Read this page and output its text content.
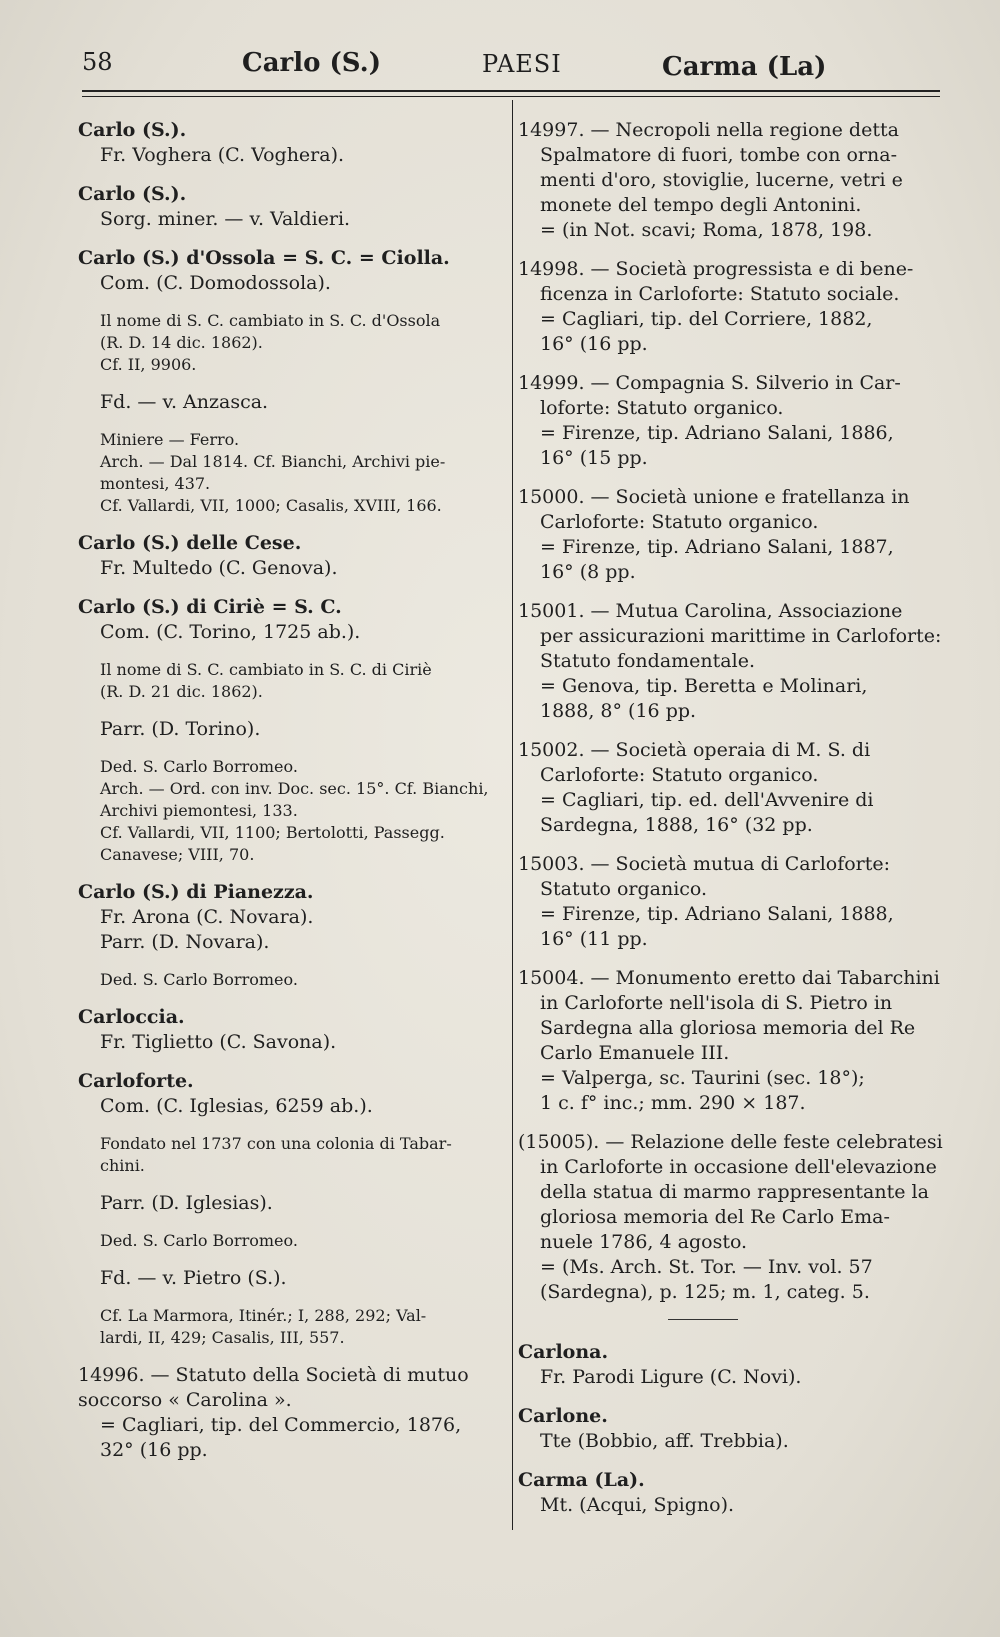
58	Carlo (S.)	PAESI	Carma (La)
Carlo (S.).
Fr. Voghera (C. Voghera).
Carlo (S.).
Sorg. miner. — v. Valdieri.
Carlo (S.) d'Ossola = S. C. = Ciolla.
Com. (C. Domodossola).
Il nome di S. C. cambiato in S. C. d'Ossola
(R. D. 14 dic. 1862).
Cf. II, 9906.
Fd. — v. Anzasca.
Miniere — Ferro.
Arch. — Dal 1814. Cf. Bianchi, Archivi pie-
montesi, 437.
Cf. Vallardi, VII, 1000; Casalis, XVIII, 166.
Carlo (S.) delle Cese.
Fr. Multedo (C. Genova).
Carlo (S.) di Ciriè = S. C.
Com. (C. Torino, 1725 ab.).
Il nome di S. C. cambiato in S. C. di Ciriè
(R. D. 21 dic. 1862).
Parr. (D. Torino).
Ded. S. Carlo Borromeo.
Arch. — Ord. con inv. Doc. sec. 15°. Cf. Bianchi,
Archivi piemontesi, 133.
Cf. Vallardi, VII, 1100; Bertolotti, Passegg.
Canavese; VIII, 70.
Carlo (S.) di Pianezza.
Fr. Arona (C. Novara).
Parr. (D. Novara).
Ded. S. Carlo Borromeo.
Carloccia.
Fr. Tiglietto (C. Savona).
Carloforte.
Com. (C. Iglesias, 6259 ab.).
Fondato nel 1737 con una colonia di Tabar-
chini.
Parr. (D. Iglesias).
Ded. S. Carlo Borromeo.
Fd. — v. Pietro (S.).
Cf. La Marmora, Itinér.; I, 288, 292; Val-
lardi, II, 429; Casalis, III, 557.
14996. — Statuto della Società di mutuo
soccorso « Carolina ».
= Cagliari, tip. del Commercio, 1876,
32° (16 pp.
14997. — Necropoli nella regione detta
Spalmatore di fuori, tombe con orna-
menti d'oro, stoviglie, lucerne, vetri e
monete del tempo degli Antonini.
= (in Not. scavi; Roma, 1878, 198.
14998. — Società progressista e di bene-
ficenza in Carloforte: Statuto sociale.
= Cagliari, tip. del Corriere, 1882,
16° (16 pp.
14999. — Compagnia S. Silverio in Car-
loforte: Statuto organico.
= Firenze, tip. Adriano Salani, 1886,
16° (15 pp.
15000. — Società unione e fratellanza in
Carloforte: Statuto organico.
= Firenze, tip. Adriano Salani, 1887,
16° (8 pp.
15001. — Mutua Carolina, Associazione
per assicurazioni marittime in Carloforte:
Statuto fondamentale.
= Genova, tip. Beretta e Molinari,
1888, 8° (16 pp.
15002. — Società operaia di M. S. di
Carloforte: Statuto organico.
= Cagliari, tip. ed. dell'Avvenire di
Sardegna, 1888, 16° (32 pp.
15003. — Società mutua di Carloforte:
Statuto organico.
= Firenze, tip. Adriano Salani, 1888,
16° (11 pp.
15004. — Monumento eretto dai Tabarchini
in Carloforte nell'isola di S. Pietro in
Sardegna alla gloriosa memoria del Re
Carlo Emanuele III.
= Valperga, sc. Taurini (sec. 18°);
1 c. f° inc.; mm. 290 × 187.
(15005). — Relazione delle feste celebratesi
in Carloforte in occasione dell'elevazione
della statua di marmo rappresentante la
gloriosa memoria del Re Carlo Ema-
nuele 1786, 4 agosto.
= (Ms. Arch. St. Tor. — Inv. vol. 57
(Sardegna), p. 125; m. 1, categ. 5.
Carlona.
Fr. Parodi Ligure (C. Novi).
Carlone.
Tte (Bobbio, aff. Trebbia).
Carma (La).
Mt. (Acqui, Spigno).
